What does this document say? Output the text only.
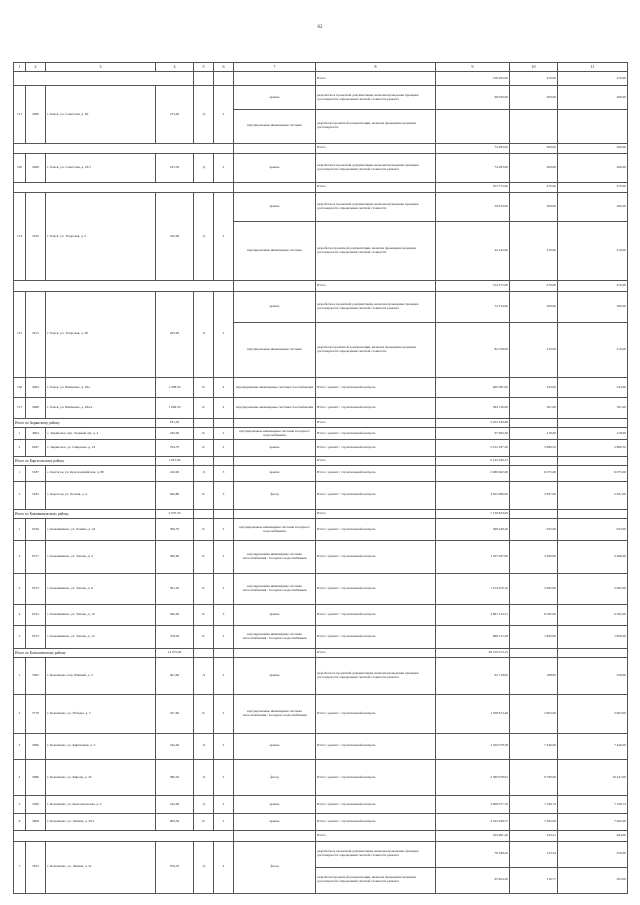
62
1	2	3	4	5	6	7	8	9	10	11
							Итого	156 265,00	470,00	470,00
151	2060	г. Томск, ул. Советская, д. 60	273,40	Д	2	крыша	разработка и проектной документации, включая проведение проверки достоверности определения сметной стоимости ремонта	98 956,00	260,00	260,00
						внутридомовые инженерные системы	разработка проектной документации, включая проведение проверки достоверности			

							Итого	74 283,00	260,00	260,00
160	2069	г. Томск, ул. Советская, д. 20/1	233,50	Д	2	крыша	разработка и проектной документации, включая проведение проверки достоверности определения сметной стоимости ремонта	74 283,00	260,00	260,00
							Итого	103 772,00	470,00	470,00
154	2165	г. Томск, ул. Татарская, д. 5	220,90	Д	2	крыша	разработка и проектной документации, включая проведение проверки достоверности определения сметной стоимости	59 610,00	260,00	260,00
						внутридомовые инженерные системы	разработка проектной документации, включая проведение проверки достоверности определения сметной стоимости	44 162,00	210,00	210,00
							Итого	154 375,00	470,00	470,00
155	2912	г. Томск, ул. Татарская, д. 48	263,90	Д	2	крыша	разработка и проектной документации, включая проведение проверки достоверности определения сметной стоимости ремонта	74 534,00	260,00	260,00
						внутридомовые инженерные системы	разработка проектной документации, включая проведение проверки достоверности определения сметной стоимости	82 558,00	210,00	210,00
156	2964	г. Томск, ул. Шевченко, д. 29а	1 208,50	К	4	внутридомовые инженерные системы газоснабжения	Итого / ремонт / строительный контроль	460 281,00	343,00	343,00
157	2968	г. Томск, ул. Шевченко, д. 29а/2	1 069,50	К	4	внутридомовые инженерные системы газоснабжения	Итого / ремонт / строительный контроль	594 726,00	561,00	561,00
Итого по Зырянскому району			931,30				Итого	2 102 236,66		
1	4604	с. Зырянское, пер. Зеленый луг, д. 4	236,00	К	2	внутридомовые инженерные системы холодного водоснабжения	Итого / ремонт / строительный контроль	97 995,36	218,00	218,00
2	6047	с. Зырянское, ул. Смирнова, д. 23	794,70	К	2	крыша	Итого / ремонт / строительный контроль	2 014 187,20	5 866,52	5 866,52
Итого по Каргасокскому району			1 047,60				Итого	6 142 949,13		
1	5187	с. Каргасок, ул. Красноармейская, д. 80	410,00	Д	3	крыша	Итого / ремонт / строительный контроль	2 489 962,00	6 075,00	6 075,00
2	5185	с. Каргасок, ул. Лесная, д. 4	626,80	К	3	фасад	Итого / ремонт / строительный контроль	3 652 986,00	5 827,00	5 827,00
Итого по Кожевниковскому району			2 070,30				Итого	7 159 834,09		
1	6749	с. Кожевниково, ул. Ленина, д. 16	369,70	К	2	внутридомовые инженерные системы холодного водоснабжения	Итого / ремонт / строительный контроль	398 448,20	925,00	925,00
2	6727	с. Кожевниково, ул. Титова, д. 4	360,60	К	2	внутридомовые инженерные системы теплоснабжения / холодного водоснабжения	Итого / ремонт / строительный контроль	1 165 567,00	3 490,00	3 490,00
3	6753	с. Кожевниково, ул. Титова, д. 6	391,20	К	2	внутридомовые инженерные системы теплоснабжения / холодного водоснабжения	Итого / ремонт / строительный контроль	1 014 970,10	2 692,00	2 692,00
4	6722	с. Кожевниково, ул. Титова, д. 19	590,40	К	3	крыша	Итого / ремонт / строительный контроль	3 891 534,51	6 592,00	6 592,00
5	6753	с. Кожевниково, ул. Титова, д. 12	378,30	К	2	внутридомовые инженерные системы теплоснабжения / холодного водоснабжения	Итого / ремонт / строительный контроль	688 315,28	1 820,00	1 820,00
Итого по Колпашевскому району			14 075,00				Итого	28 010 072,15		
1	5365	г. Колпашево, пер. Южный, д. 3	491,60	Д	2	крыша	разработка и проектной документации, включая проведение проверки достоверности определения сметной стоимости ремонта	92 718,92	188,85	259,00
2	5779	г. Колпашево, ул. Победы, д. 5	327,60	К	2	внутридомовые инженерные системы теплоснабжения / холодного водоснабжения	Итого / ремонт / строительный контроль	1 798 813,49	2 903,00	2 903,00
3	5666	г. Колпашево, ул. Кирпичная, д. 5	345,40	Д	2	крыша	Итого / ремонт / строительный контроль	2 166 078,58	7 446,00	7 446,00
4	5686	г. Колпашево, ул. Кирова, д. 45	380,20	Д	2	фасад	Итого / ремонт / строительный контроль	2 586 978,91	6 799,00	10 447,00
5	5590	г. Колпашево, ул. Комсомольская, д. 2	542,90	Д	2	крыша	Итого / ремонт / строительный контроль	3 908 977,70	7 199,74	7 199,74
6	5608	г. Колпашево, ул. Ленина, д. 39/1	609,30	К	2	крыша	Итого / ремонт / строительный контроль	4 545 948,37	7 462,00	7 462,00
							Итого	164 691,40	243,41	464,00
7	5615	г. Колпашево, ул. Ленина, д. 41	676,70	Д	4	фасад	разработка и проектной документации, включая проведение проверки достоверности определения сметной стоимости ремонта	78 188,20	123,54	259,00
							разработка проектной документации, включая проведение проверки достоверности определения сметной стоимости ремонта	65 904,20	116,77	205,00
